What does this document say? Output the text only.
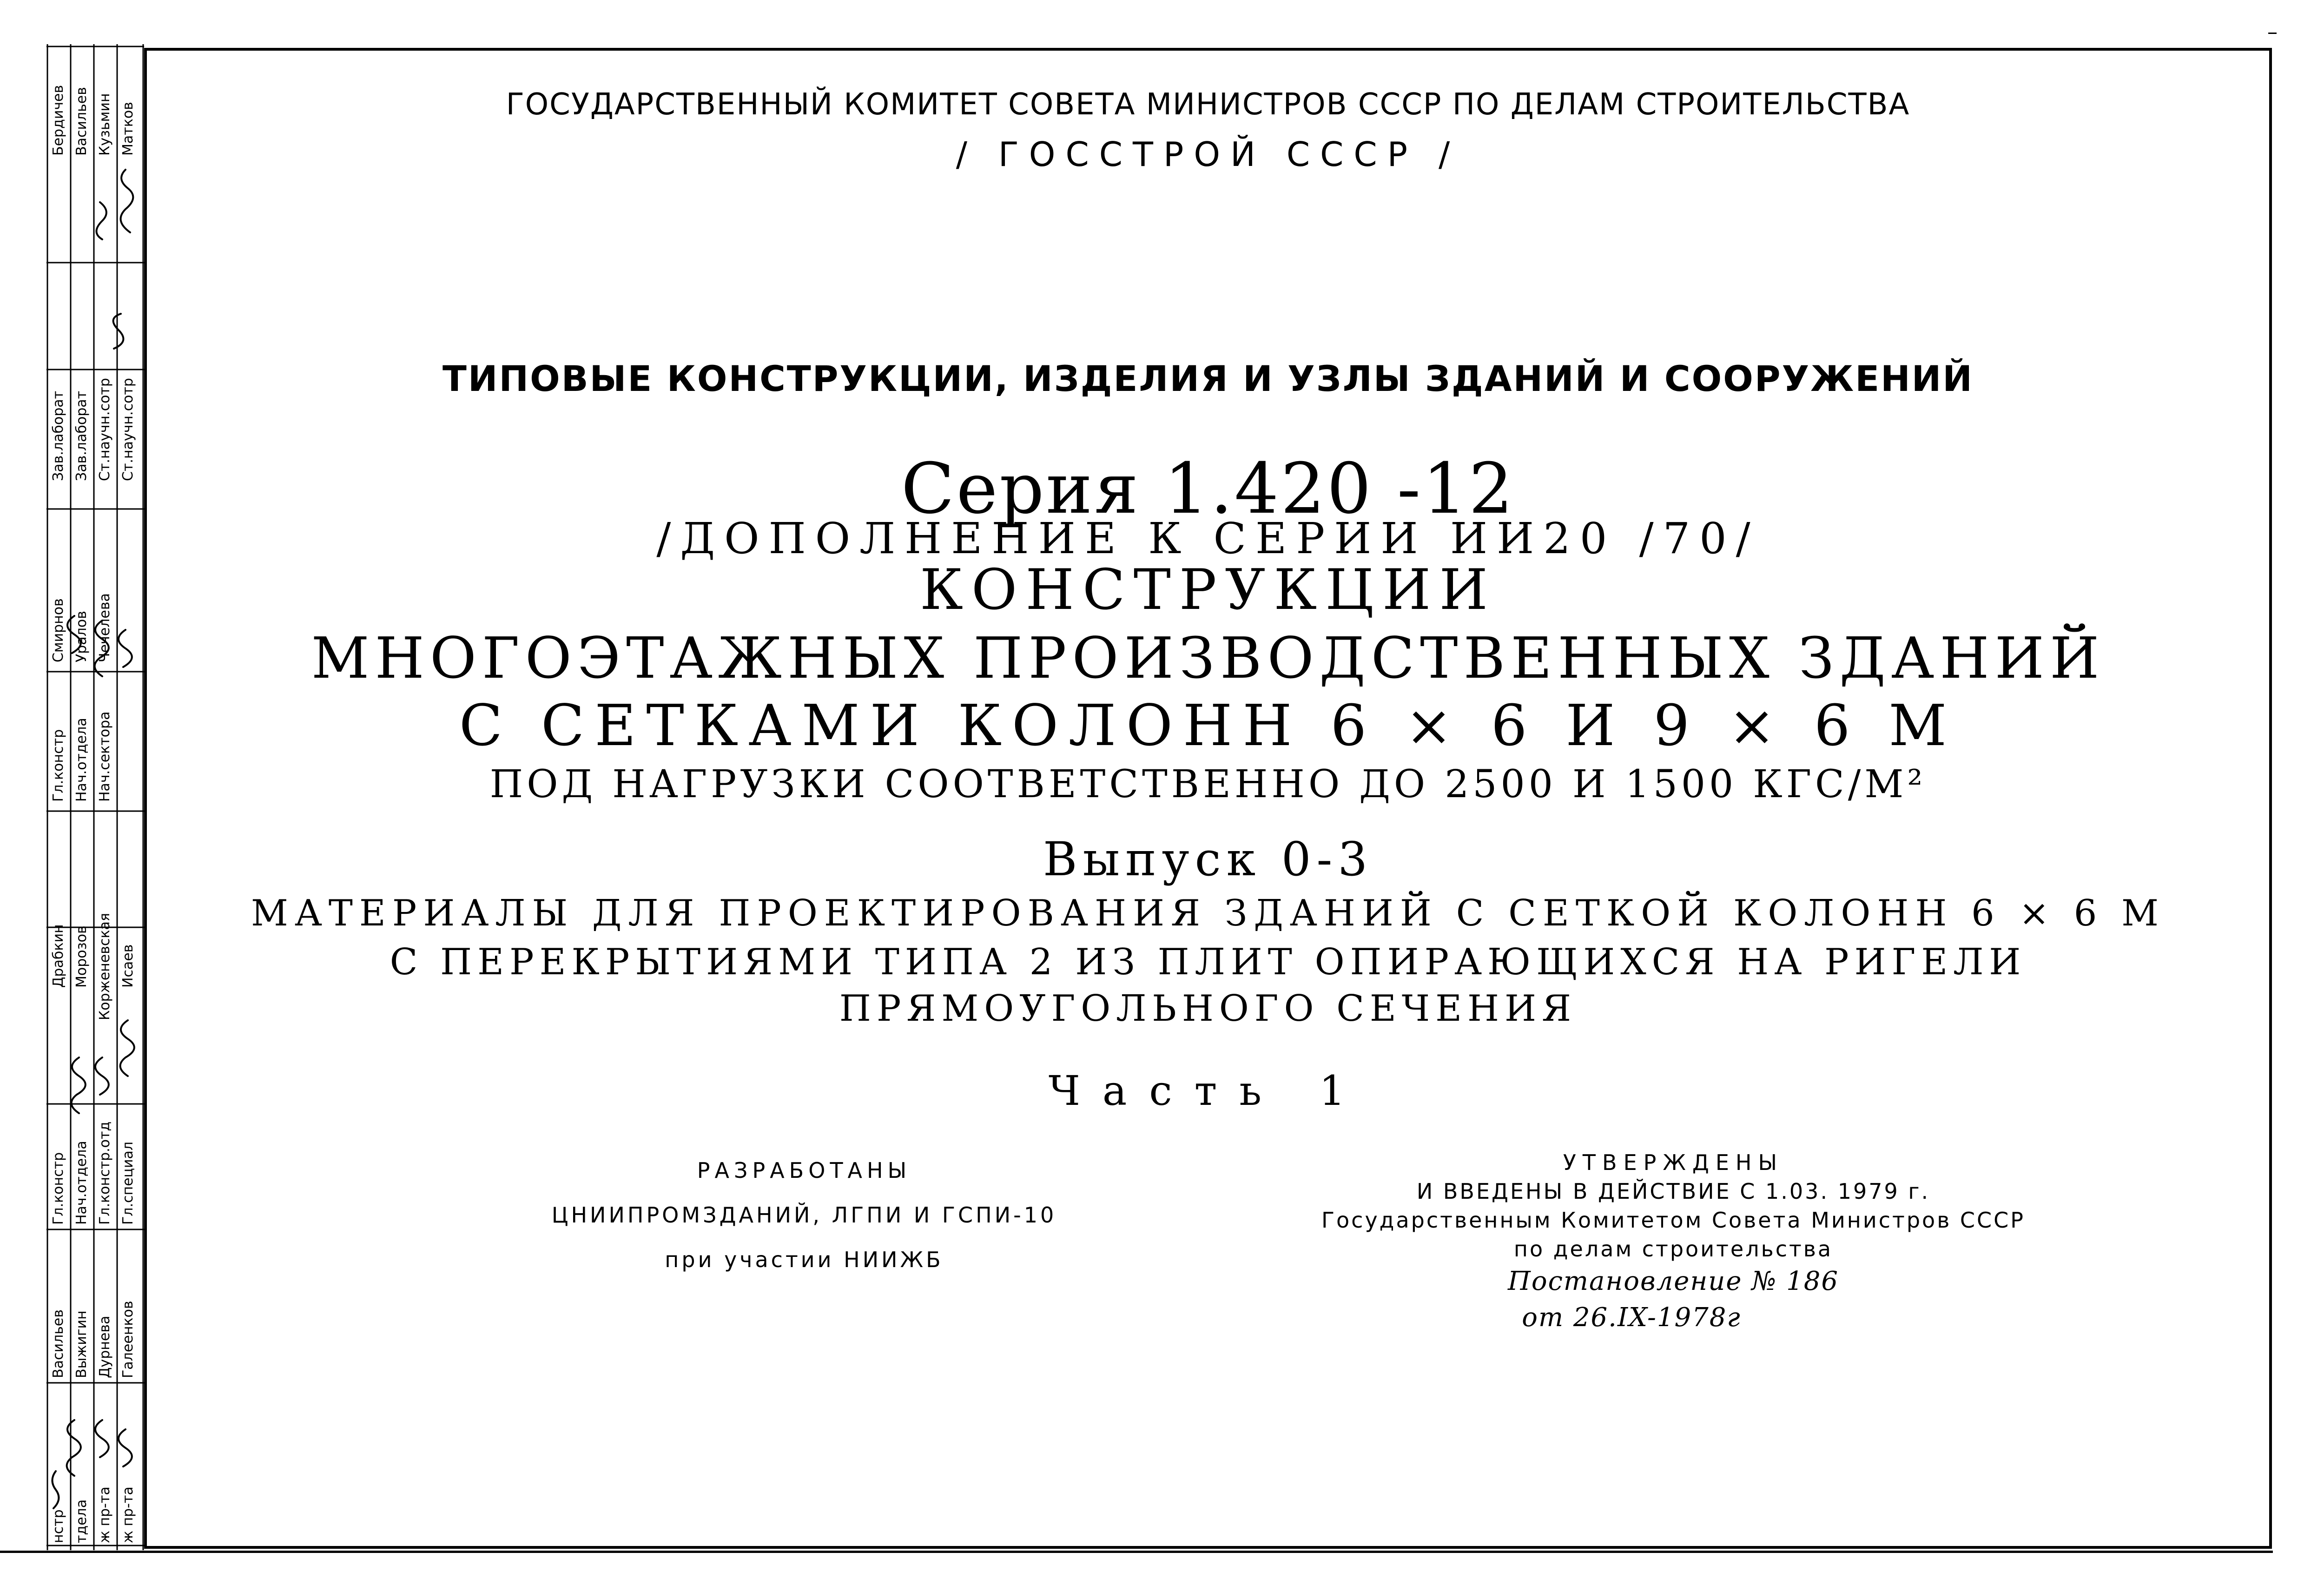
Зав.лаборат Зав.лаборат Ст.научн.сотр Ст.научн.сотр
Смирнов Уралов Чечелева
Бердичев Васильев Кузьмин Матков
Гл.констр Нач.отдела Нач.сектора
Драбкин Морозов Корженевская Исаев
Гл.констр Нач.отдела Гл.констр.отд Гл.специал
Васильев Выжигин Дурнева Галеенков
нстр тдела ж пр-та ж пр-та
ГОСУДАРСТВЕННЫЙ КОМИТЕТ СОВЕТА МИНИСТРОВ СССР ПО ДЕЛАМ СТРОИТЕЛЬСТВА
/ ГОССТРОЙ СССР /
ТИПОВЫЕ КОНСТРУКЦИИ, ИЗДЕЛИЯ И УЗЛЫ ЗДАНИЙ И СООРУЖЕНИЙ
Серия 1.420 -12
/ДОПОЛНЕНИЕ К СЕРИИ ИИ20 /70/
КОНСТРУКЦИИ
МНОГОЭТАЖНЫХ ПРОИЗВОДСТВЕННЫХ ЗДАНИЙ
С СЕТКАМИ КОЛОНН 6 × 6 И 9 × 6 М
ПОД НАГРУЗКИ СООТВЕТСТВЕННО ДО 2500 И 1500 КГС/М²
Выпуск 0-3
МАТЕРИАЛЫ ДЛЯ ПРОЕКТИРОВАНИЯ ЗДАНИЙ С СЕТКОЙ КОЛОНН 6 × 6 М
С ПЕРЕКРЫТИЯМИ ТИПА 2 ИЗ ПЛИТ ОПИРАЮЩИХСЯ НА РИГЕЛИ
ПРЯМОУГОЛЬНОГО СЕЧЕНИЯ
Часть 1
РАЗРАБОТАНЫ
ЦНИИПРОМЗДАНИЙ, ЛГПИ И ГСПИ-10
при участии НИИЖБ
УТВЕРЖДЕНЫ
И ВВЕДЕНЫ В ДЕЙСТВИЕ С 1.03. 1979 г.
Государственным Комитетом Совета Министров СССР
по делам строительства
Постановление № 186
от 26.IX-1978г
